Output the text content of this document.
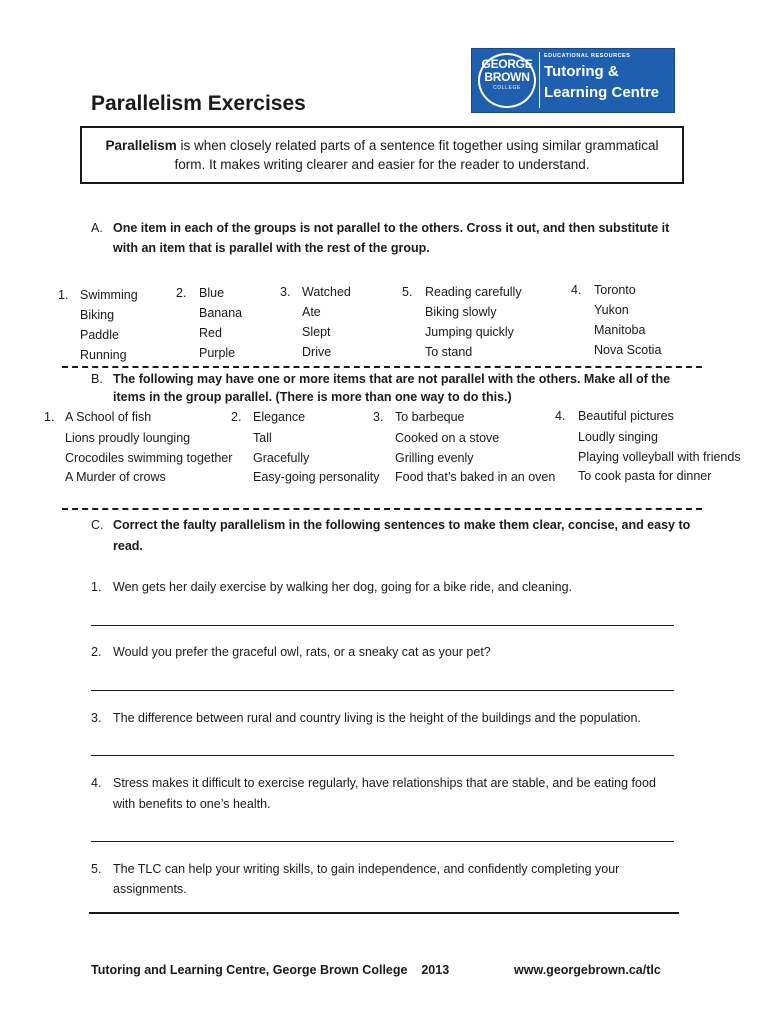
Parallelism Exercises
GEORGE
BROWN
COLLEGE
EDUCATIONAL RESOURCES
Tutoring &
Learning Centre
Parallelism is when closely related parts of a sentence fit together using similar grammatical
form. It makes writing clearer and easier for the reader to understand.
A. One item in each of the groups is not parallel to the others. Cross it out, and then substitute it
with an item that is parallel with the rest of the group.
1. Swimming
Biking
Paddle
Running
2. Blue
Banana
Red
Purple
3. Watched
Ate
Slept
Drive
5. Reading carefully
Biking slowly
Jumping quickly
To stand
4. Toronto
Yukon
Manitoba
Nova Scotia
B. The following may have one or more items that are not parallel with the others. Make all of the
items in the group parallel. (There is more than one way to do this.)
1. A School of fish
Lions proudly lounging
Crocodiles swimming together
A Murder of crows
2. Elegance
Tall
Gracefully
Easy-going personality
3. To barbeque
Cooked on a stove
Grilling evenly
Food that’s baked in an oven
4. Beautiful pictures
Loudly singing
Playing volleyball with friends
To cook pasta for dinner
C. Correct the faulty parallelism in the following sentences to make them clear, concise, and easy to
read.
1. Wen gets her daily exercise by walking her dog, going for a bike ride, and cleaning.
2. Would you prefer the graceful owl, rats, or a sneaky cat as your pet?
3. The difference between rural and country living is the height of the buildings and the population.
4. Stress makes it difficult to exercise regularly, have relationships that are stable, and be eating food
with benefits to one’s health.
5. The TLC can help your writing skills, to gain independence, and confidently completing your
assignments.
Tutoring and Learning Centre, George Brown College    2013	www.georgebrown.ca/tlc
